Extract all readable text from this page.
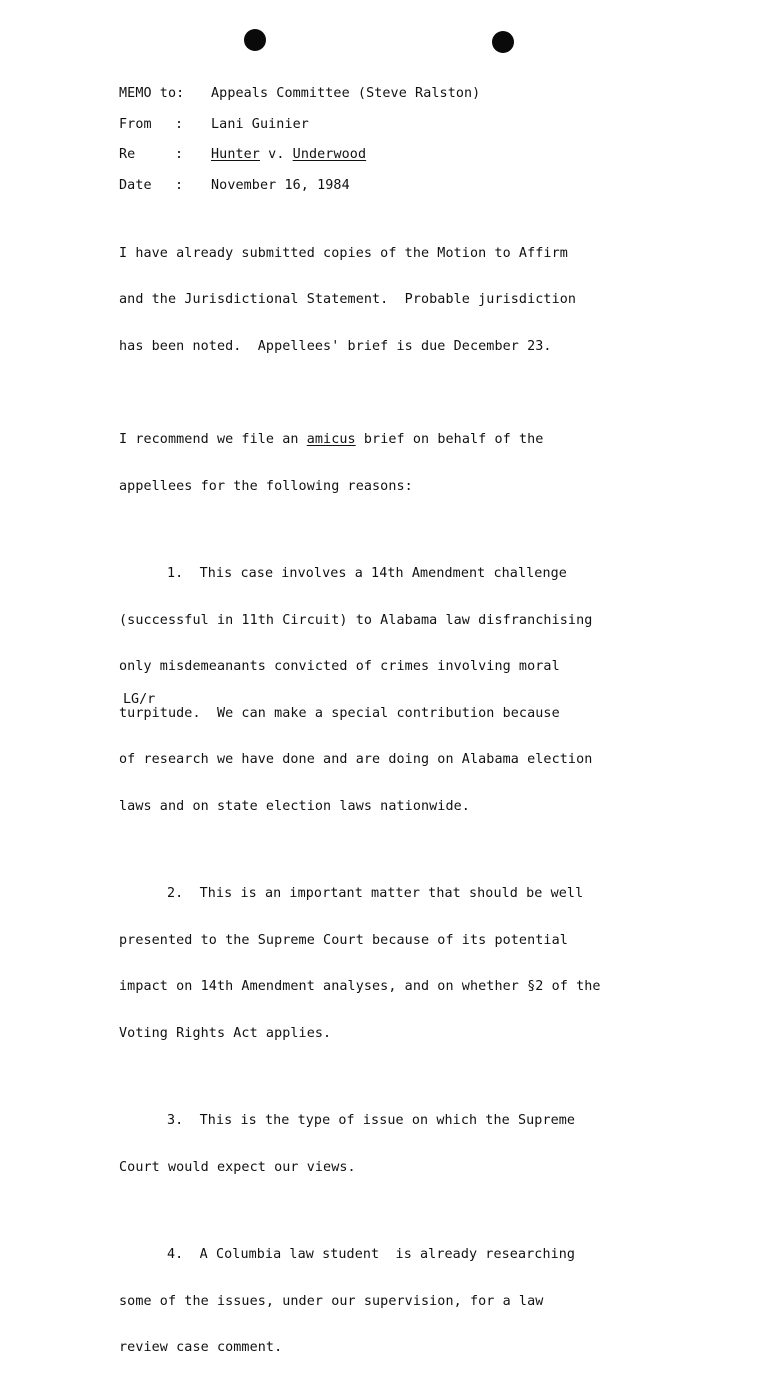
MEMO to:	Appeals Committee (Steve Ralston)
From	:	Lani Guinier
Re	:	Hunter v. Underwood
Date	:	November 16, 1984

I have already submitted copies of the Motion to Affirm

and the Jurisdictional Statement.  Probable jurisdiction

has been noted.  Appellees' brief is due December 23.

I recommend we file an amicus brief on behalf of the

appellees for the following reasons:

1.  This case involves a 14th Amendment challenge

(successful in 11th Circuit) to Alabama law disfranchising

only misdemeanants convicted of crimes involving moral

turpitude.  We can make a special contribution because

of research we have done and are doing on Alabama election

laws and on state election laws nationwide.

2.  This is an important matter that should be well

presented to the Supreme Court because of its potential

impact on 14th Amendment analyses, and on whether §2 of the

Voting Rights Act applies.

3.  This is the type of issue on which the Supreme

Court would expect our views.

4.  A Columbia law student  is already researching

some of the issues, under our supervision, for a law

review case comment.

LG/r
